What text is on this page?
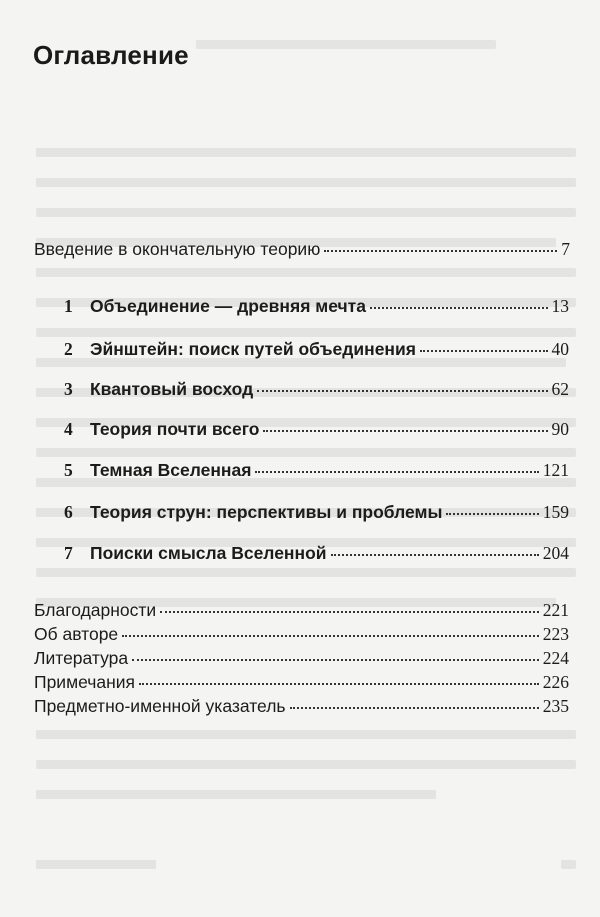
Оглавление
Введение в окончательную теорию	7
1 Объединение — древняя мечта	13
2 Эйнштейн: поиск путей объединения	40
3 Квантовый восход	62
4 Теория почти всего	90
5 Темная Вселенная	121
6 Теория струн: перспективы и проблемы	159
7 Поиски смысла Вселенной	204
Благодарности	221
Об авторе	223
Литература	224
Примечания	226
Предметно-именной указатель	235
